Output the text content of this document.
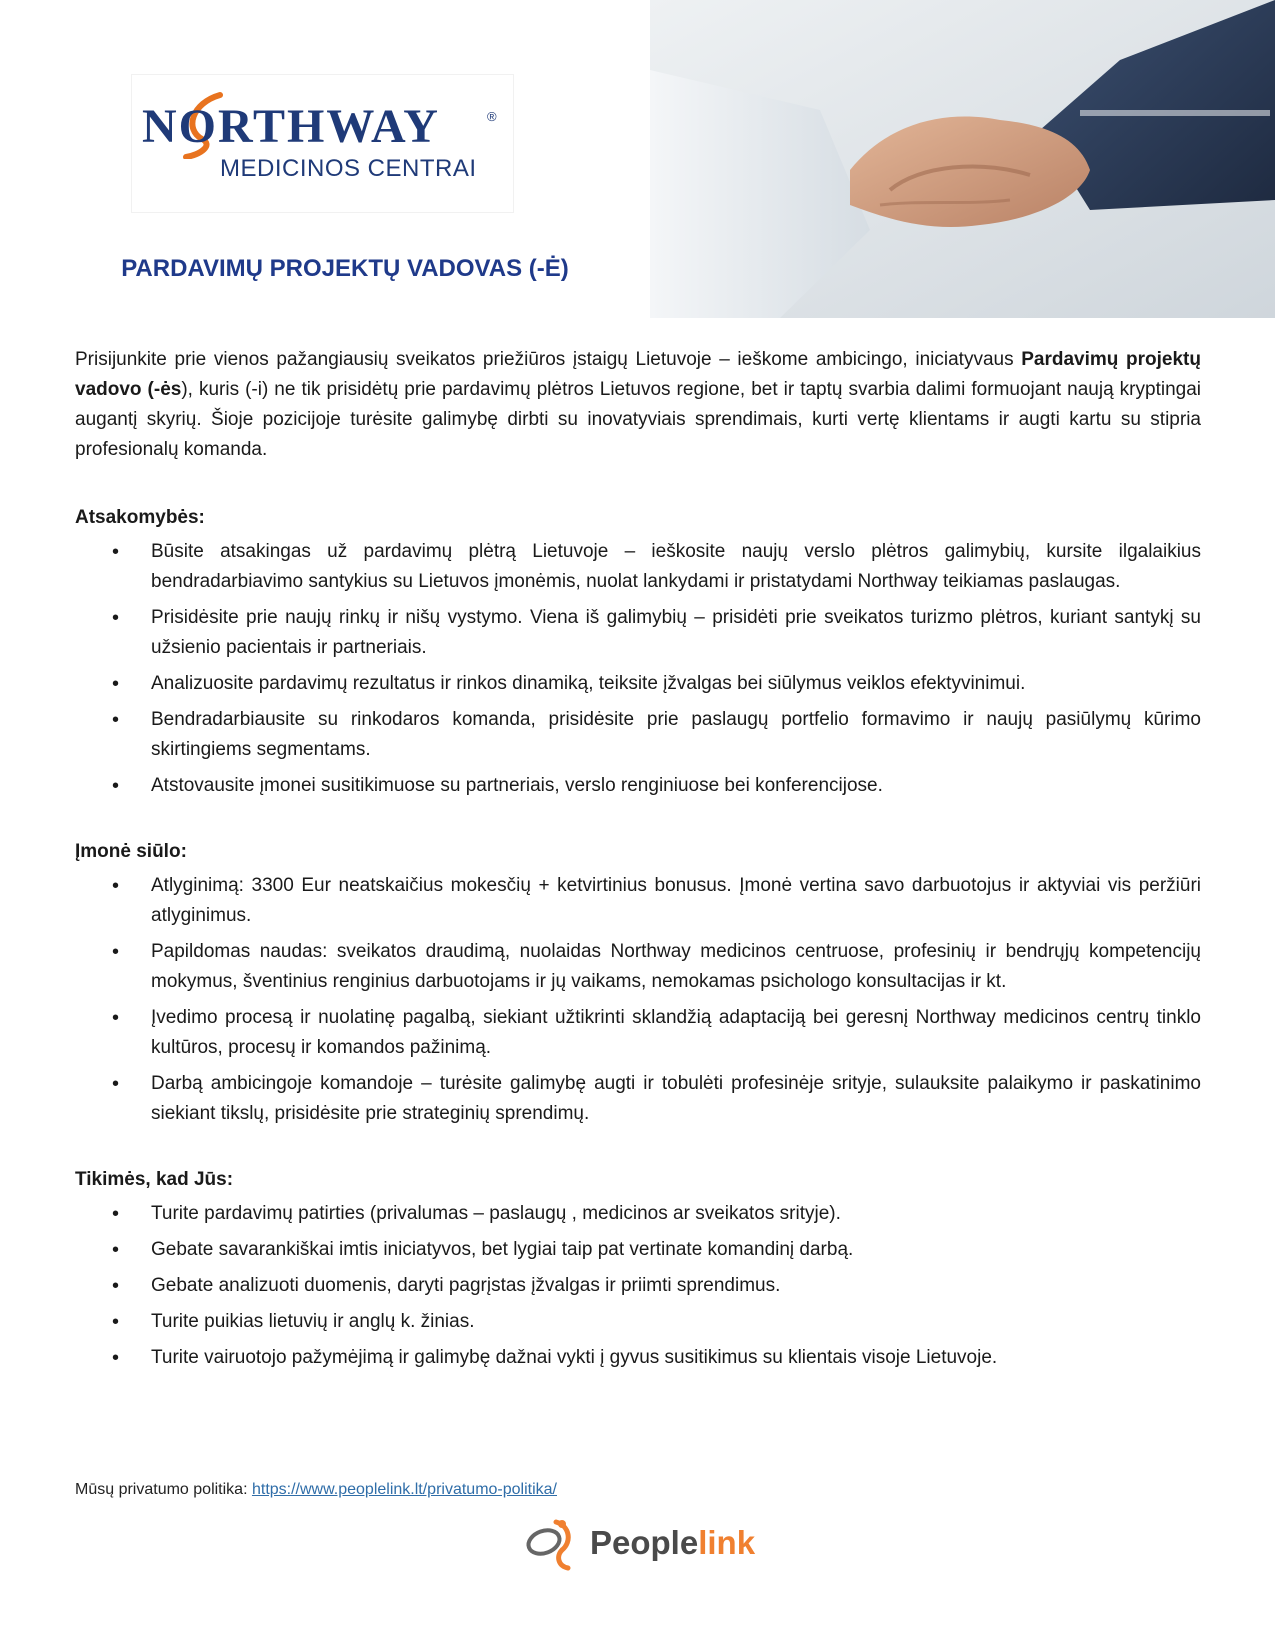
NORTHWAY	®
MEDICINOS CENTRAI
PARDAVIMŲ PROJEKTŲ VADOVAS (-Ė)

Prisijunkite prie vienos pažangiausių sveikatos priežiūros įstaigų Lietuvoje – ieškome ambicingo, iniciatyvaus Pardavimų projektų vadovo (-ės), kuris (-i) ne tik prisidėtų prie pardavimų plėtros Lietuvos regione, bet ir taptų svarbia dalimi formuojant naują kryptingai augantį skyrių. Šioje pozicijoje turėsite galimybę dirbti su inovatyviais sprendimais, kurti vertę klientams ir augti kartu su stipria profesionalų komanda.

Atsakomybės:

• Būsite atsakingas už pardavimų plėtrą Lietuvoje – ieškosite naujų verslo plėtros galimybių, kursite ilgalaikius bendradarbiavimo santykius su Lietuvos įmonėmis, nuolat lankydami ir pristatydami Northway teikiamas paslaugas.
• Prisidėsite prie naujų rinkų ir nišų vystymo. Viena iš galimybių – prisidėti prie sveikatos turizmo plėtros, kuriant santykį su užsienio pacientais ir partneriais.
• Analizuosite pardavimų rezultatus ir rinkos dinamiką, teiksite įžvalgas bei siūlymus veiklos efektyvinimui.
• Bendradarbiausite su rinkodaros komanda, prisidėsite prie paslaugų portfelio formavimo ir naujų pasiūlymų kūrimo skirtingiems segmentams.
• Atstovausite įmonei susitikimuose su partneriais, verslo renginiuose bei konferencijose.

Įmonė siūlo:

• Atlyginimą: 3300 Eur neatskaičius mokesčių + ketvirtinius bonusus. Įmonė vertina savo darbuotojus ir aktyviai vis peržiūri atlyginimus.
• Papildomas naudas: sveikatos draudimą, nuolaidas Northway medicinos centruose, profesinių ir bendrųjų kompetencijų mokymus, šventinius renginius darbuotojams ir jų vaikams, nemokamas psichologo konsultacijas ir kt.
• Įvedimo procesą ir nuolatinę pagalbą, siekiant užtikrinti sklandžią adaptaciją bei geresnį Northway medicinos centrų tinklo kultūros, procesų ir komandos pažinimą.
• Darbą ambicingoje komandoje – turėsite galimybę augti ir tobulėti profesinėje srityje, sulauksite palaikymo ir paskatinimo siekiant tikslų, prisidėsite prie strateginių sprendimų.

Tikimės, kad Jūs:

• Turite pardavimų patirties (privalumas – paslaugų , medicinos ar sveikatos srityje).
• Gebate savarankiškai imtis iniciatyvos, bet lygiai taip pat vertinate komandinį darbą.
• Gebate analizuoti duomenis, daryti pagrįstas įžvalgas ir priimti sprendimus.
• Turite puikias lietuvių ir anglų k. žinias.
• Turite vairuotojo pažymėjimą ir galimybę dažnai vykti į gyvus susitikimus su klientais visoje Lietuvoje.
Mūsų privatumo politika: https://www.peoplelink.lt/privatumo-politika/
Peoplelink
